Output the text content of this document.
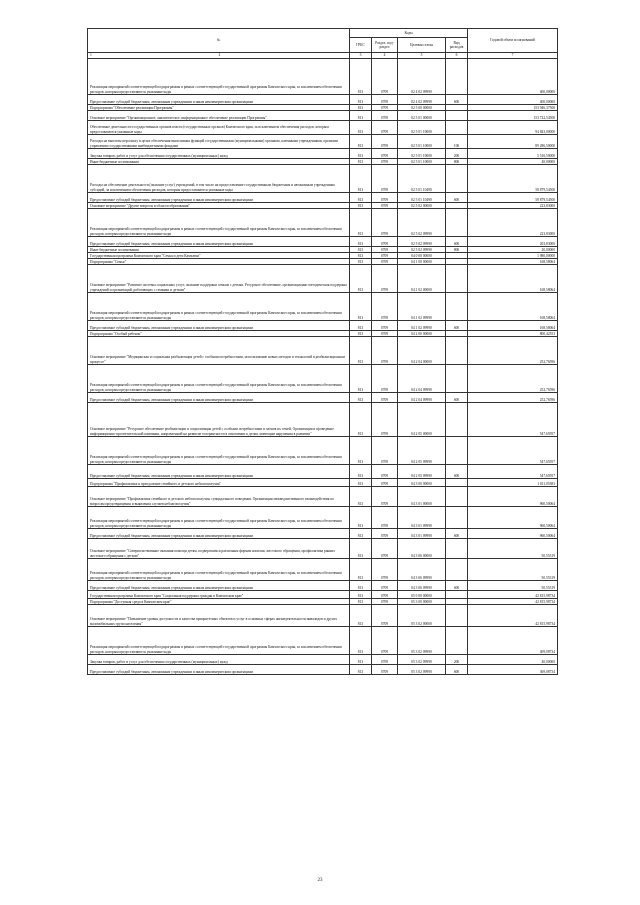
№	Коды				Годовой объем ассигнований
	ГРБС	Раздел, под-раздел	Целевая статья	Вид расходов	
1 2	3	4	5	6	7
Реализация мероприятий соответствующей подпрограммы в рамках соответствующей государственной программы Камчатского края, за исключением обеспечения расходов, которым предоставляются указанные коды	813	0709	02 4 02 09990		400,00000
Предоставление субсидий бюджетным, автономным учреждениям и иным некоммерческим организациям	813	0709	02 4 02 09990	600	400,00000
Подпрограмма "Обеспечение реализации Программы"	813	0709	02 5 00 00000		153 946,37500
Основное мероприятие "Организационное, аналитическое, информационное обеспечение реализации Программы"	813	0709	02 5 01 00000		153 722,54500
Обеспечение деятельности государственных органов власти (государственных органов) Камчатского края, за исключением обеспечения расходов, которым предоставляются указанные коды	813	0709	02 5 01 10000		94 843,00000
Расходы на выплаты персоналу в целях обеспечения выполнения функций государственными (муниципальными) органами, казенными учреждениями, органами управления государственными внебюджетными фондами	813	0709	02 5 01 10000	100	89 286,50000
Закупка товаров, работ и услуг для обеспечения государственных (муниципальных) нужд	813	0709	02 5 01 10000	200	5 516,50000
Иные бюджетные ассигнования	813	0709	02 5 01 10000	800	40,00000
Расходы на обеспечение деятельности (оказание услуг) учреждений, в том числе на предоставление государственным бюджетным и автономным учреждениям субсидий, за исключением обеспечения расходов, которым предоставляются указанные коды	813	0709	02 5 01 10490		58 879,54500
Предоставление субсидий бюджетным, автономным учреждениям и иным некоммерческим организациям	813	0709	02 5 01 10490	600	58 879,54500
Основное мероприятие "Другие вопросы в области образования"	813	0709	02 5 02 00000		223,83000
Реализация мероприятий соответствующей подпрограммы в рамках соответствующей государственной программы Камчатского края, за исключением обеспечения расходов, которым предоставляются указанные коды	813	0709	02 5 02 09990		223,83000
Предоставление субсидий бюджетным, автономным учреждениям и иным некоммерческим организациям	813	0709	02 5 02 09990	600	203,83000
Иные бюджетные ассигнования	813	0709	02 5 02 09990	800	20,00000
Государственная программа Камчатского края "Семья и дети Камчатки"	813	0709	04 0 00 00000		1 980,00000
Подпрограмма "Семья"	813	0709	04 1 00 00000		168,58064
Основное мероприятие "Развитие системы социальных услуг, оказание поддержки семьям с детьми. Ресурсное обеспечение, организационно-методическая поддержка учреждений и организаций, работающих с семьями и детьми"	813	0709	04 1 02 00000		168,58064
Реализация мероприятий соответствующей подпрограммы в рамках соответствующей государственной программы Камчатского края, за исключением обеспечения расходов, которым предоставляются указанные коды	813	0709	04 1 02 09990		168,58064
Предоставление субсидий бюджетным, автономным учреждениям и иным некоммерческим организациям	813	0709	04 1 02 09990	600	168,58064
Подпрограмма "Особый ребенок"	813	0709	04 2 00 00000		800,42553
Основное мероприятие "Медицинская и социальная реабилитация детей с особыми потребностями, использование новых методов и технологий в реабилитационном процессе"	813	0709	04 2 04 00000		252,76596
Реализация мероприятий соответствующей подпрограммы в рамках соответствующей государственной программы Камчатского края, за исключением обеспечения расходов, которым предоставляются указанные коды	813	0709	04 2 04 09990		252,76596
Предоставление субсидий бюджетным, автономным учреждениям и иным некоммерческим организациям	813	0709	04 2 04 09990	600	252,76596
Основное мероприятие "Ресурсное обеспечение реабилитации и социализации детей с особыми потребностями и членов их семей. Организация и проведение информационно-просветительской кампании, направленной на развитие толерантности в отношении к детям, имеющим нарушения в развитии"	813	0709	04 2 05 00000		547,65957
Реализация мероприятий соответствующей подпрограммы в рамках соответствующей государственной программы Камчатского края, за исключением обеспечения расходов, которым предоставляются указанные коды	813	0709	04 2 05 09990		547,65957
Предоставление субсидий бюджетным, автономным учреждениям и иным некоммерческим организациям	813	0709	04 2 05 09990	600	547,65957
Подпрограмма "Профилактика и преодоление семейного и детского неблагополучия"	813	0709	04 3 00 00000		1 011,05383
Основное мероприятие "Профилактика семейного и детского неблагополучия, суицидального поведения. Организация межведомственного взаимодействия по вопросам предотвращения и выявления случаев неблагополучия"	813	0709	04 3 01 00000		960,50064
Реализация мероприятий соответствующей подпрограммы в рамках соответствующей государственной программы Камчатского края, за исключением обеспечения расходов, которым предоставляются указанные коды	813	0709	04 3 01 09990		960,50064
Предоставление субсидий бюджетным, автономным учреждениям и иным некоммерческим организациям	813	0709	04 3 01 09990	600	960,50064
Основное мероприятие "Совершенствование оказания помощи детям, подвергшимся различным формам насилия, жестокого обращения, профилактика ранних жестокого обращения с детьми"	813	0709	04 3 06 00000		50,55319
Реализация мероприятий соответствующей подпрограммы в рамках соответствующей государственной программы Камчатского края, за исключением обеспечения расходов, которым предоставляются указанные коды	813	0709	04 3 06 09990		50,55319
Предоставление субсидий бюджетным, автономным учреждениям и иным некоммерческим организациям	813	0709	04 3 06 09990	600	50,55319
Государственная программа Камчатского края "Социальная поддержка граждан в Камчатском крае"	813	0709	05 0 00 00000		42 815,98734
Подпрограмма "Доступная среда в Камчатском крае"	813	0709	05 3 00 00000		42 815,98734
Основное мероприятие "Повышение уровня доступности и качества приоритетных объектов и услуг в основных сферах жизнедеятельности инвалидов и других маломобильных групп населения"	813	0709	05 3 02 00000		42 815,98734
Реализация мероприятий соответствующей подпрограммы в рамках соответствующей государственной программы Камчатского края, за исключением обеспечения расходов, которым предоставляются указанные коды	813	0709	05 3 02 09990		409,08734
Закупка товаров, работ и услуг для обеспечения государственных (муниципальных) нужд	813	0709	05 3 02 09990	200	40,00000
Предоставление субсидий бюджетным, автономным учреждениям и иным некоммерческим организациям	813	0709	05 3 02 09990	600	369,08734
23
